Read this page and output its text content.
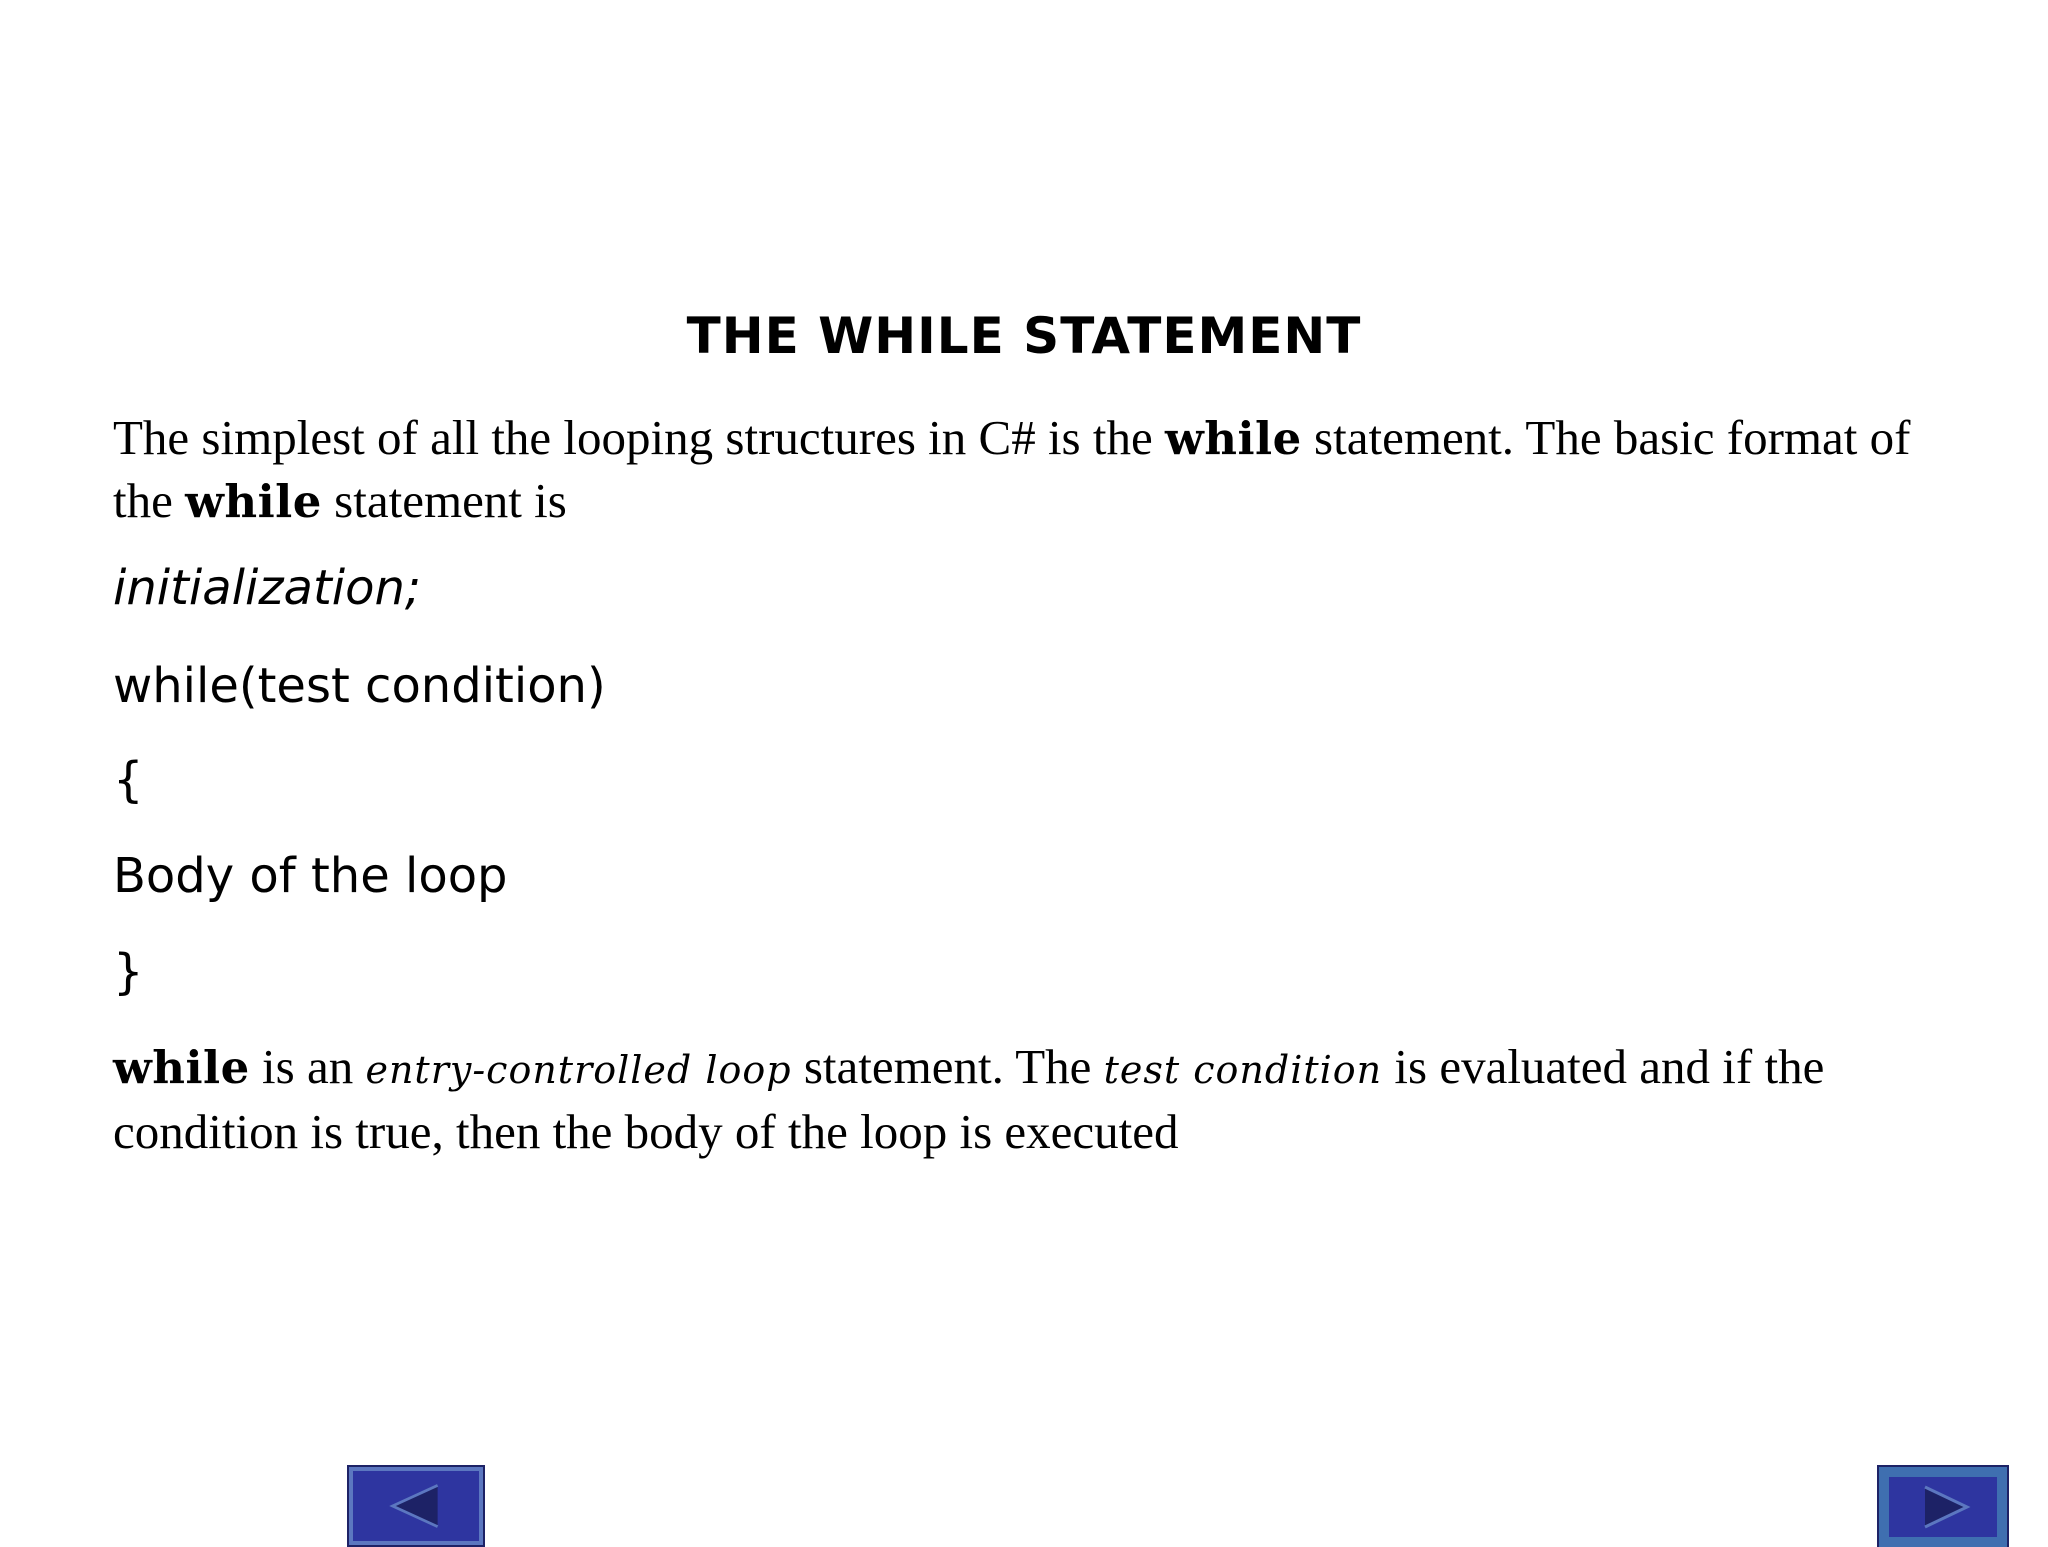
THE WHILE STATEMENT
The simplest of all the looping structures in C# is the while statement. The basic format of the while statement is
initialization;
while(test condition)
{
Body of the loop
}
while is an entry-controlled loop statement. The test condition is evaluated and if the condition is true, then the body of the loop is executed
